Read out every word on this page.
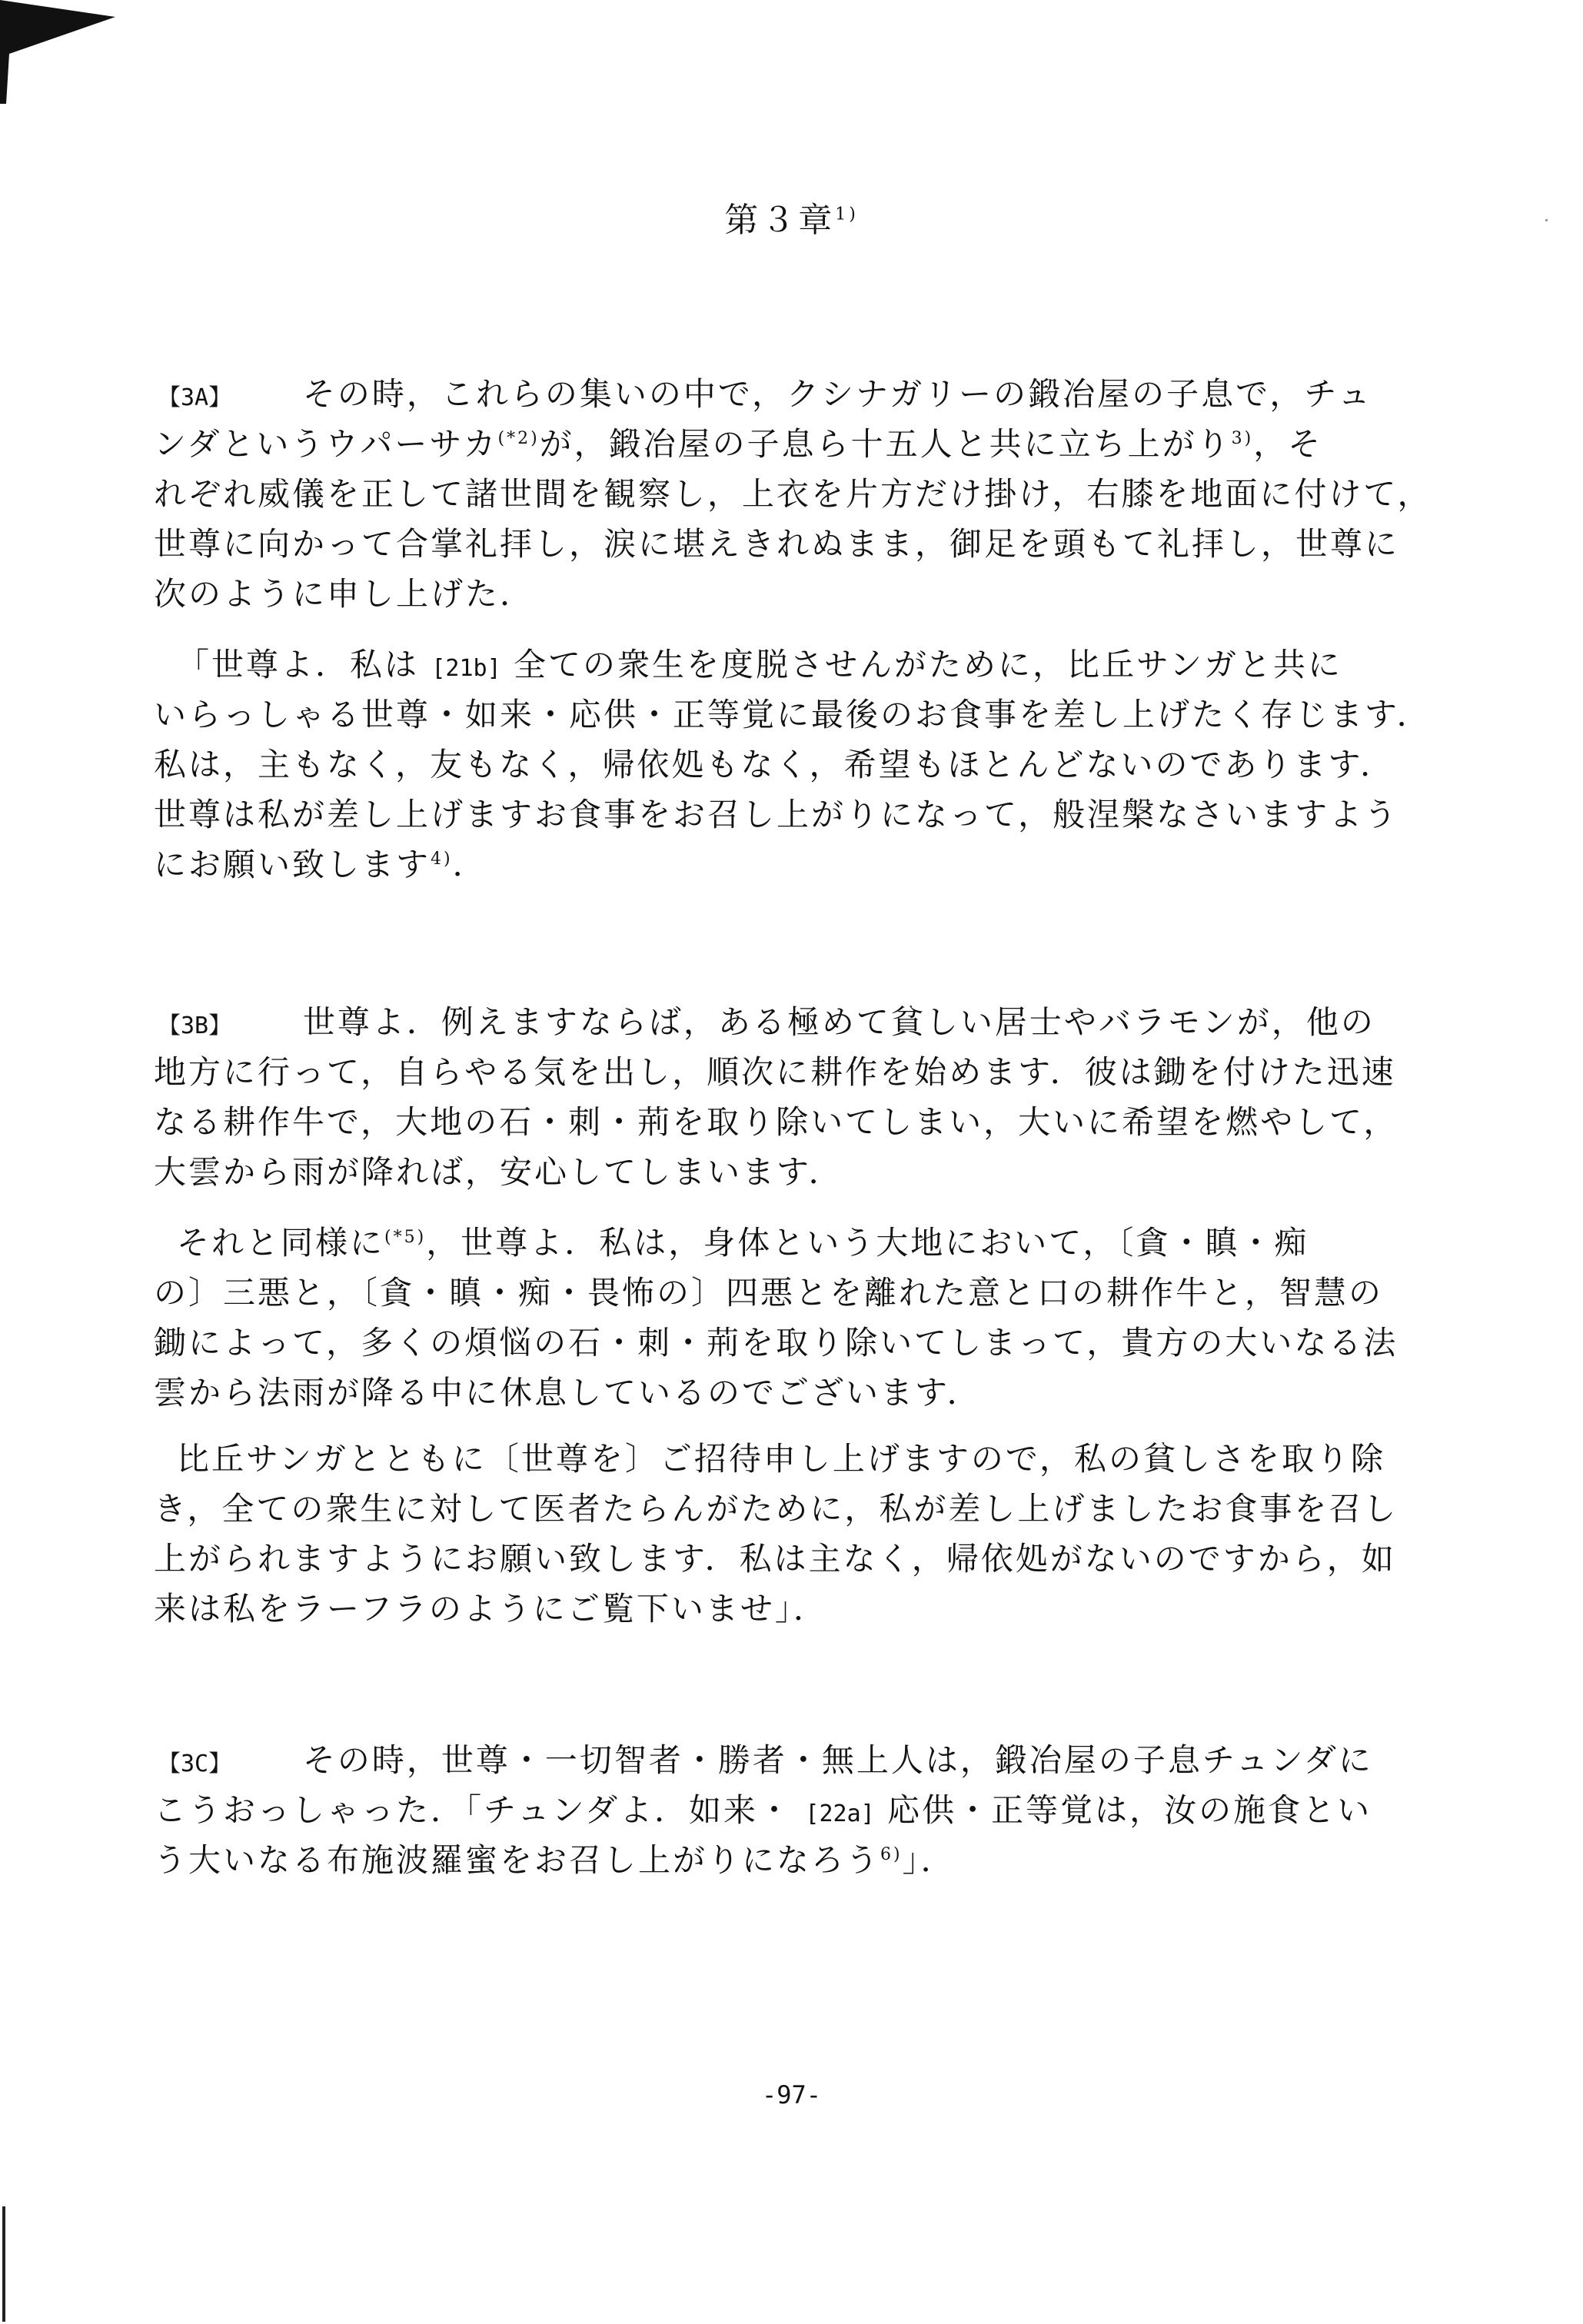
第３章$^{1)}$
【3A】 その時，これらの集いの中で，クシナガリーの鍛冶屋の子息で，チュ
ンダというウパーサカ$^{(*2)}$が，鍛冶屋の子息ら十五人と共に立ち上がり$^{3)}$，そ
れぞれ威儀を正して諸世間を観察し，上衣を片方だけ掛け，右膝を地面に付けて，
世尊に向かって合掌礼拝し，涙に堪えきれぬまま，御足を頭もて礼拝し，世尊に
次のように申し上げた．
「世尊よ．私は [21b] 全ての衆生を度脱させんがために，比丘サンガと共に
いらっしゃる世尊・如来・応供・正等覚に最後のお食事を差し上げたく存じます．
私は，主もなく，友もなく，帰依処もなく，希望もほとんどないのであります．
世尊は私が差し上げますお食事をお召し上がりになって，般涅槃なさいますよう
にお願い致します$^{4)}$．
【3B】 世尊よ．例えますならば，ある極めて貧しい居士やバラモンが，他の
地方に行って，自らやる気を出し，順次に耕作を始めます．彼は鋤を付けた迅速
なる耕作牛で，大地の石・刺・荊を取り除いてしまい，大いに希望を燃やして，
大雲から雨が降れば，安心してしまいます．
それと同様に$^{(*5)}$，世尊よ．私は，身体という大地において，〔貪・瞋・痴
の〕三悪と，〔貪・瞋・痴・畏怖の〕四悪とを離れた意と口の耕作牛と，智慧の
鋤によって，多くの煩悩の石・刺・荊を取り除いてしまって，貴方の大いなる法
雲から法雨が降る中に休息しているのでございます．
比丘サンガとともに〔世尊を〕ご招待申し上げますので，私の貧しさを取り除
き，全ての衆生に対して医者たらんがために，私が差し上げましたお食事を召し
上がられますようにお願い致します．私は主なく，帰依処がないのですから，如
来は私をラーフラのようにご覧下いませ」．
【3C】 その時，世尊・一切智者・勝者・無上人は，鍛冶屋の子息チュンダに
こうおっしゃった．「チュンダよ．如来・ [22a] 応供・正等覚は，汝の施食とい
う大いなる布施波羅蜜をお召し上がりになろう$^{6)}$」．
-97-
